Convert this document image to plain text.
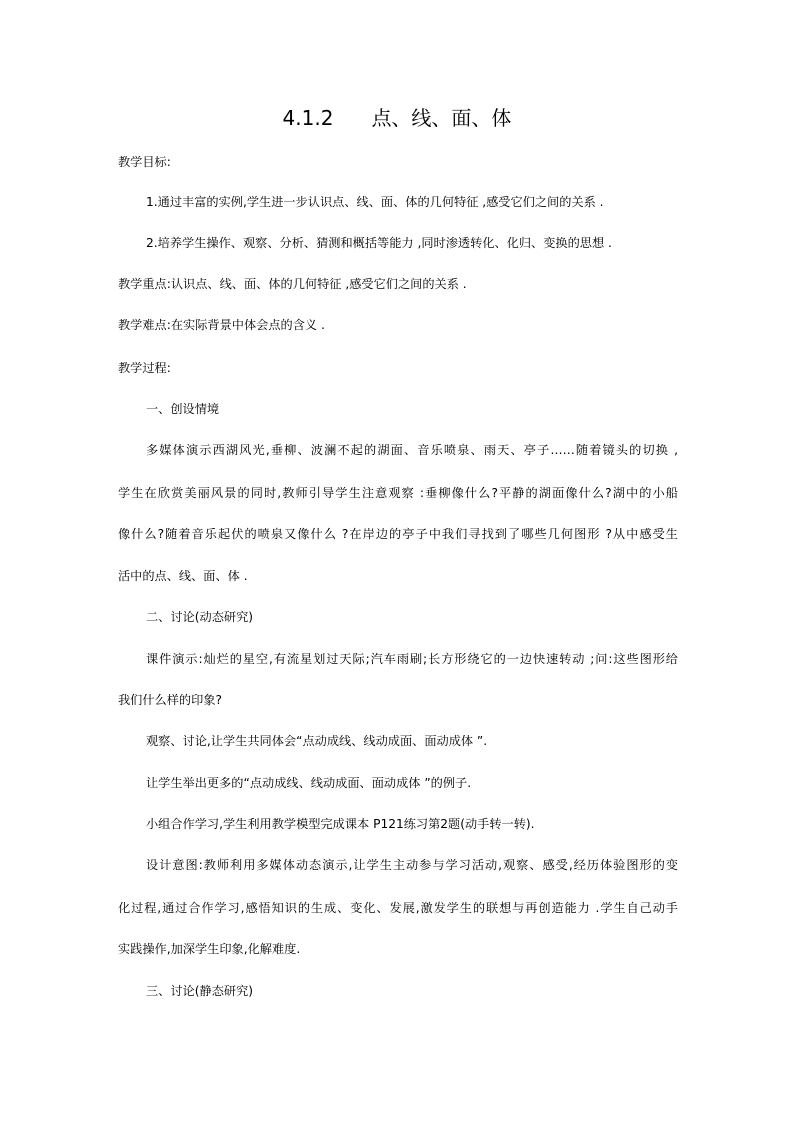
4.1.2 点、线、面、体
教学目标:
1.通过丰富的实例,学生进一步认识点、线、面、体的几何特征 ,感受它们之间的关系 .
2.培养学生操作、观察、分析、猜测和概括等能力 ,同时渗透转化、化归、变换的思想 .
教学重点:认识点、线、面、体的几何特征 ,感受它们之间的关系 .
教学难点:在实际背景中体会点的含义 .
教学过程:
一、创设情境
多媒体演示西湖风光,垂柳、波澜不起的湖面、音乐喷泉、雨天、亭子……随着镜头的切换 ,
学生在欣赏美丽风景的同时,教师引导学生注意观察 :垂柳像什么?平静的湖面像什么?湖中的小船
像什么?随着音乐起伏的喷泉又像什么 ?在岸边的亭子中我们寻找到了哪些几何图形 ?从中感受生
活中的点、线、面、体 .
二、讨论(动态研究)
课件演示:灿烂的星空,有流星划过天际;汽车雨刷;长方形绕它的一边快速转动 ;问:这些图形给
我们什么样的印象?
观察、讨论,让学生共同体会“点动成线、线动成面、面动成体 ”.
让学生举出更多的“点动成线、线动成面、面动成体 ”的例子.
小组合作学习,学生利用教学模型完成课本 P121练习第2题(动手转一转).
设计意图:教师利用多媒体动态演示,让学生主动参与学习活动,观察、感受,经历体验图形的变
化过程,通过合作学习,感悟知识的生成、变化、发展,激发学生的联想与再创造能力 .学生自己动手
实践操作,加深学生印象,化解难度.
三、讨论(静态研究)
